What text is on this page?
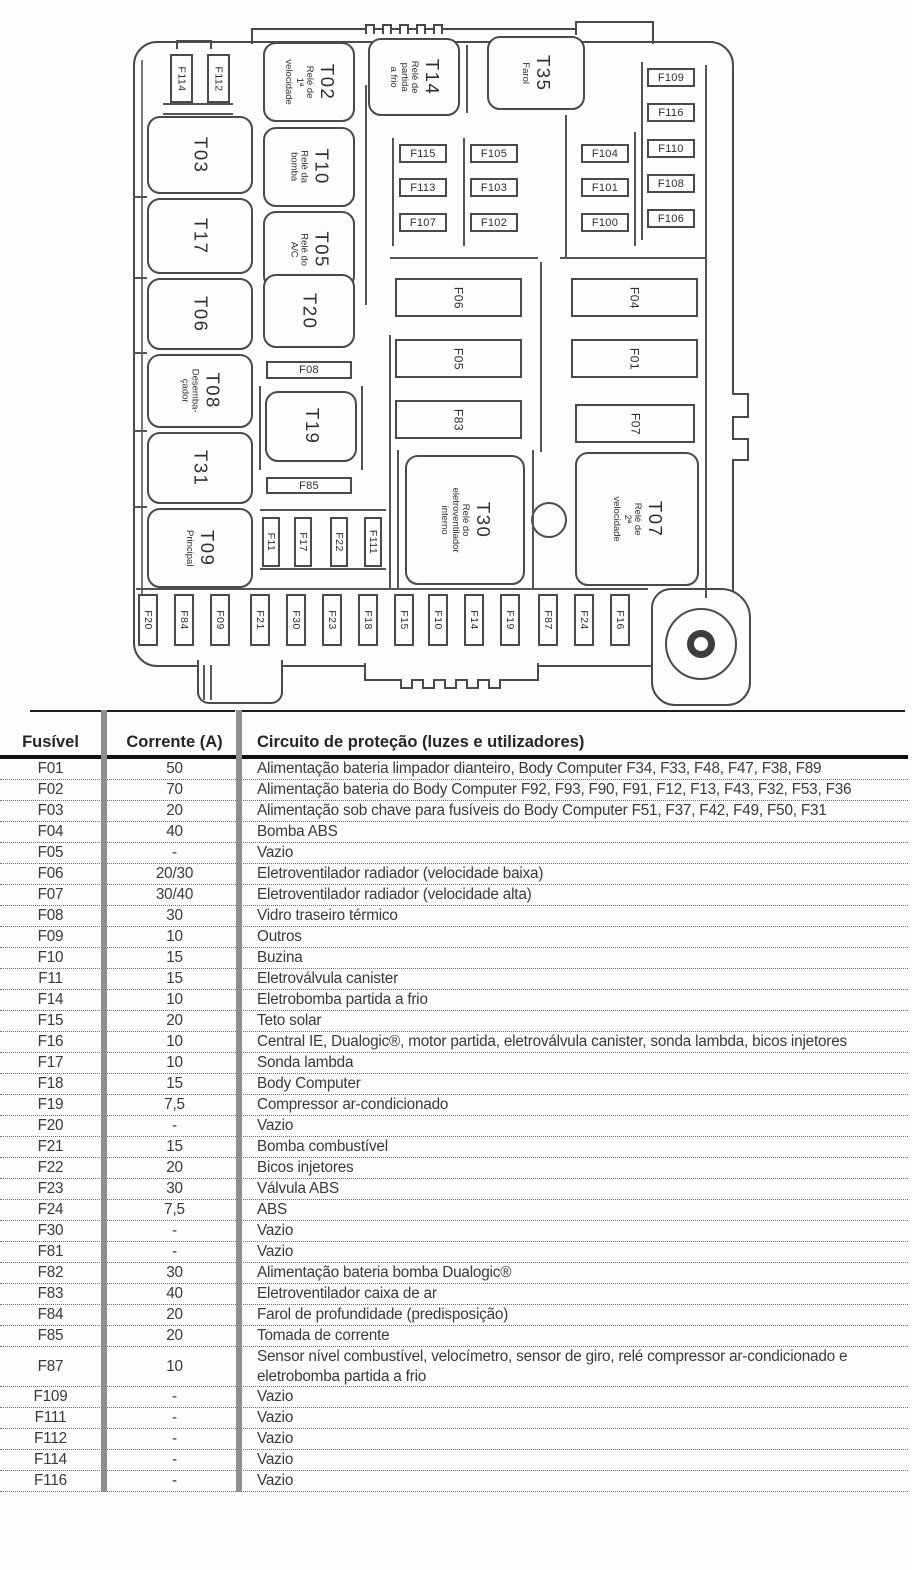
T02
Relé de
1ª
velocidade	T14
Relé de
partida
a frio	T35
Farol
T03	T10
Relé da
bomba
T17	T05
Relé do
A/C
T06	T20
T08
Desemba-
çador
T19
T31
T09
Principal
T30
Relé do
eletroventilador
interno	T07
Relé de
2ª
velocidade
F114 F112
F11 F17 F22 F111
F20 F84 F09	F21 F30 F23 F18 F15 F10 F14 F19 F87 F24 F16
F06
F05
F83
F04
F01
F07
F115
F113
F107
F105
F103
F102
F104
F101
F100
F109
F116
F110
F108
F106
F08
F85
Fusível	Corrente (A)	Circuito de proteção (luzes e utilizadores)
F01	50	Alimentação bateria limpador dianteiro, Body Computer F34, F33, F48, F47, F38, F89
F02	70	Alimentação bateria do Body Computer F92, F93, F90, F91, F12, F13, F43, F32, F53, F36
F03	20	Alimentação sob chave para fusíveis do Body Computer F51, F37, F42, F49, F50, F31
F04	40	Bomba ABS
F05	-	Vazio
F06	20/30	Eletroventilador radiador (velocidade baixa)
F07	30/40	Eletroventilador radiador (velocidade alta)
F08	30	Vidro traseiro térmico
F09	10	Outros
F10	15	Buzina
F11	15	Eletroválvula canister
F14	10	Eletrobomba partida a frio
F15	20	Teto solar
F16	10	Central IE, Dualogic®, motor partida, eletroválvula canister, sonda lambda, bicos injetores
F17	10	Sonda lambda
F18	15	Body Computer
F19	7,5	Compressor ar-condicionado
F20	-	Vazio
F21	15	Bomba combustível
F22	20	Bicos injetores
F23	30	Válvula ABS
F24	7,5	ABS
F30	-	Vazio
F81	-	Vazio
F82	30	Alimentação bateria bomba Dualogic®
F83	40	Eletroventilador caixa de ar
F84	20	Farol de profundidade (predisposição)
F85	20	Tomada de corrente
F87	10
Sensor nível combustível, velocímetro, sensor de giro, relé compressor ar-condicionado e eletrobomba partida a frio
F109	-	Vazio
F111	-	Vazio
F112	-	Vazio
F114	-	Vazio
F116	-	Vazio
